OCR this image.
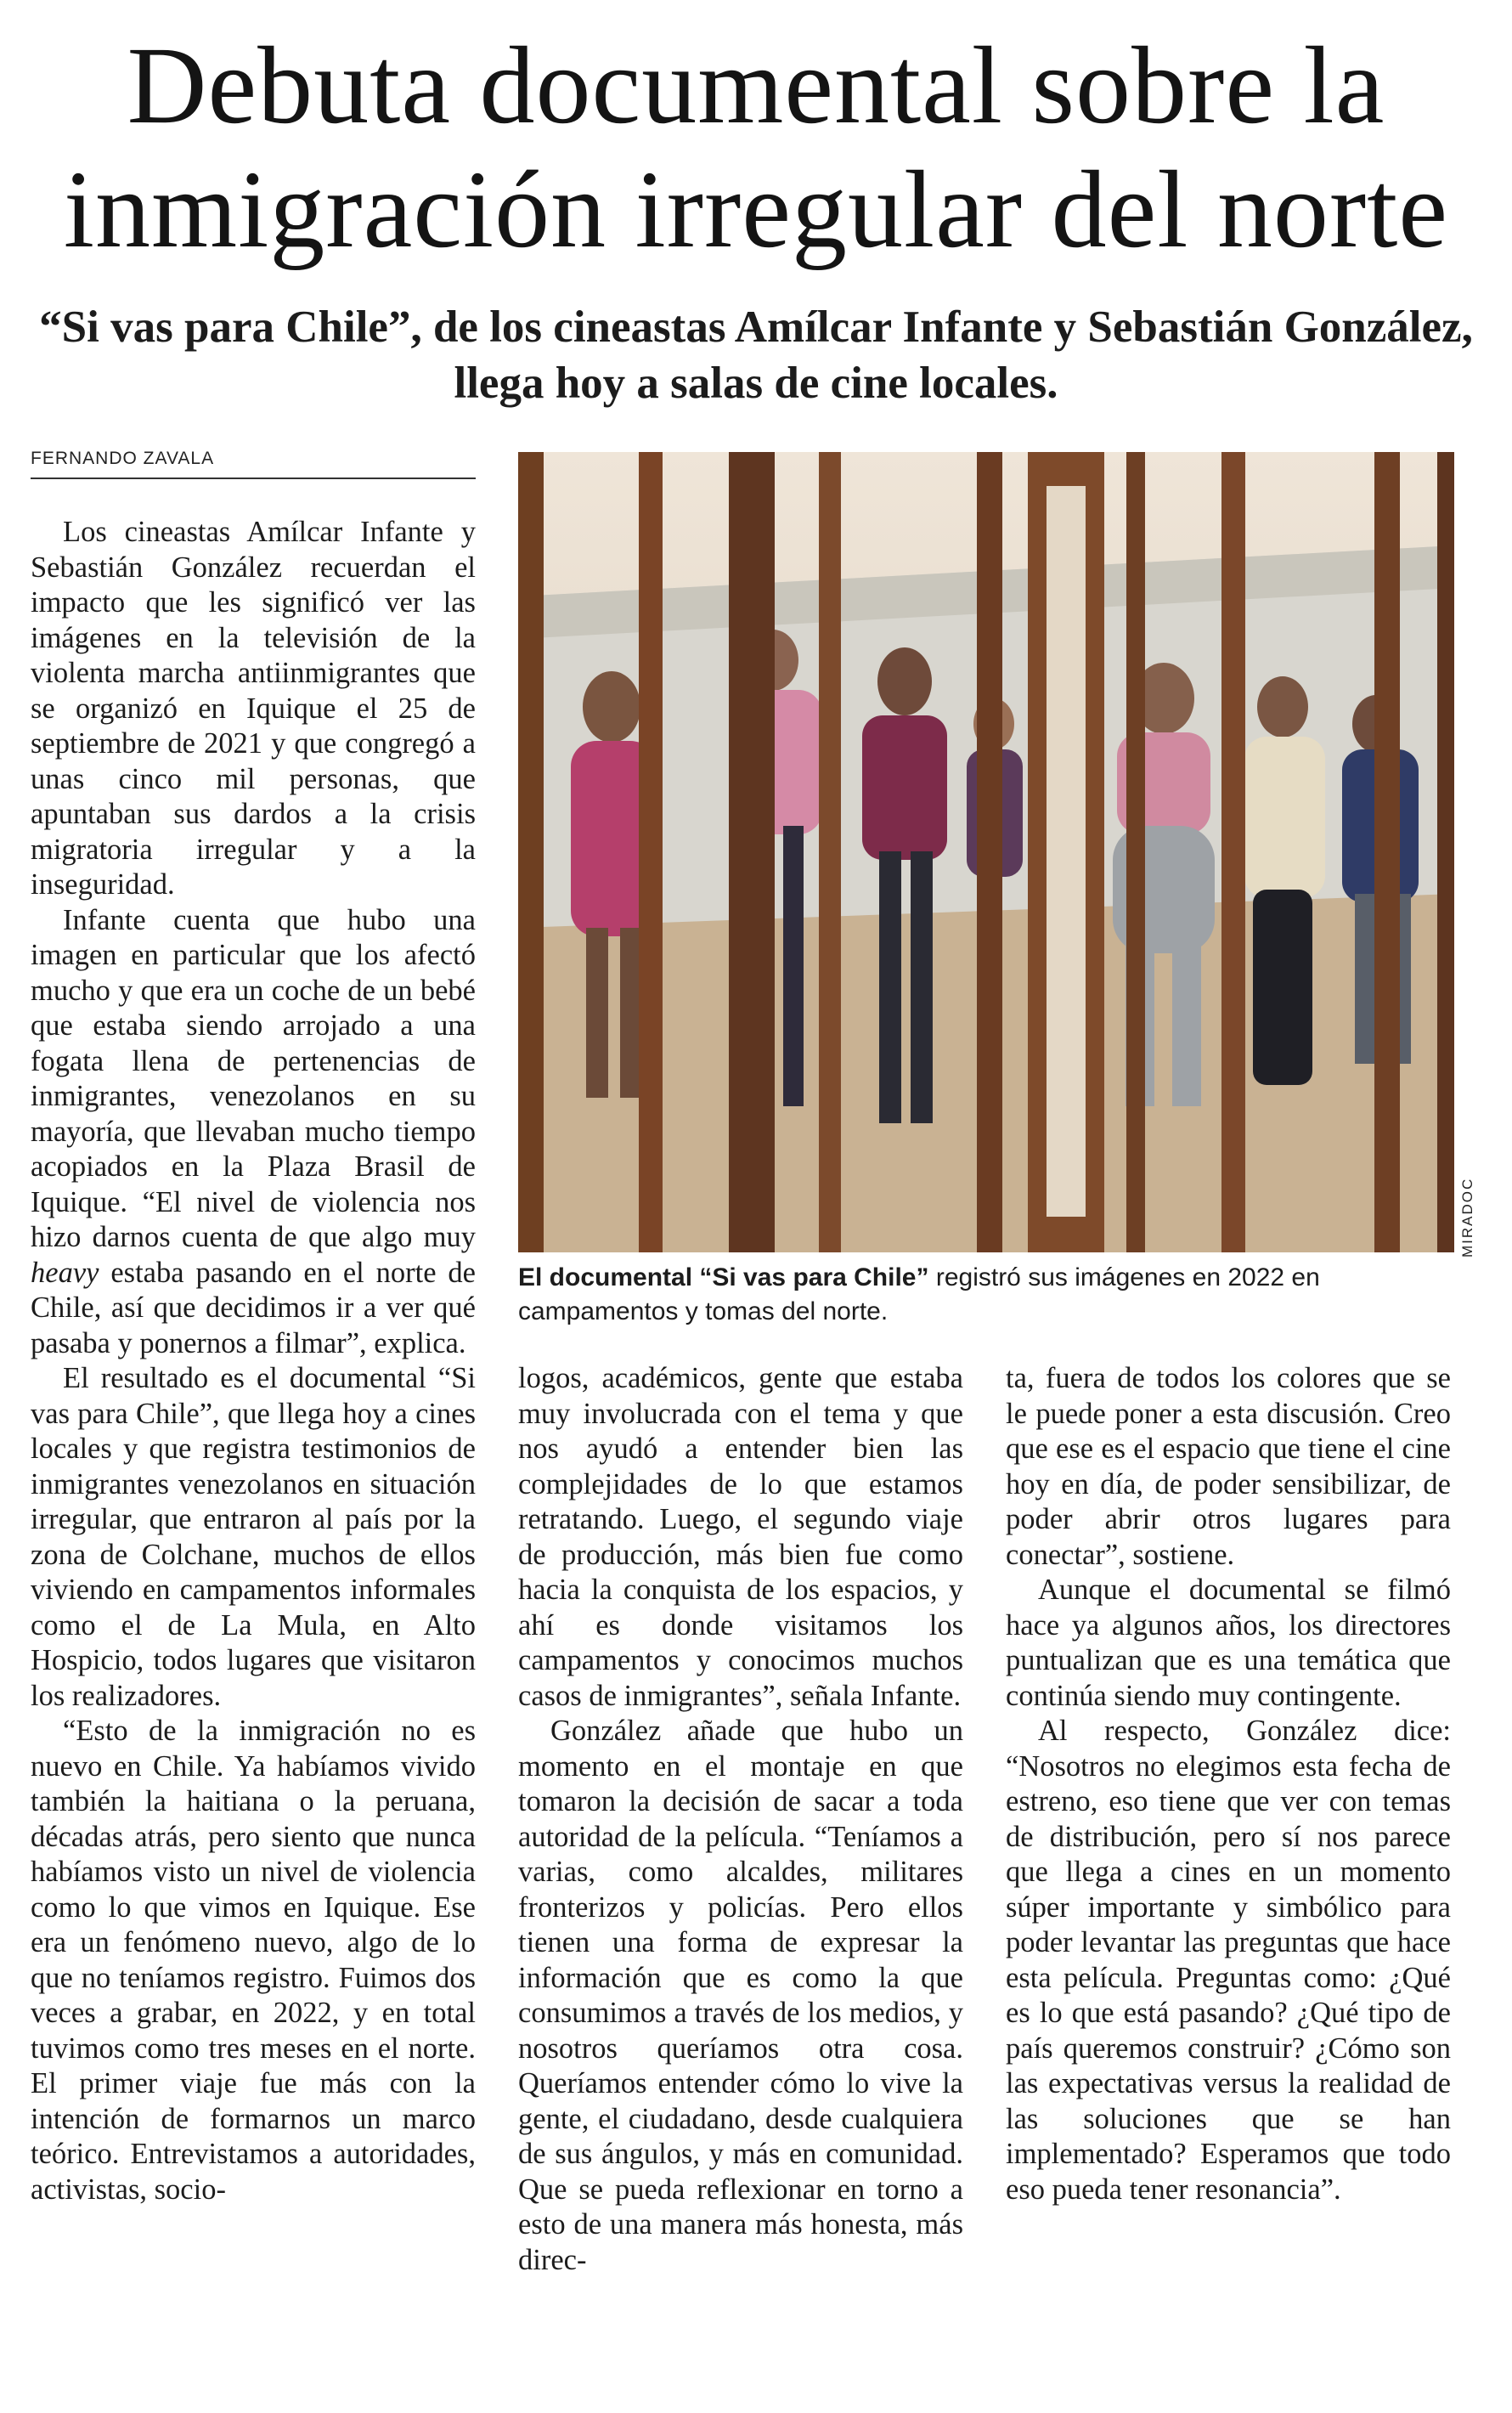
Debuta documental sobre la inmigración irregular del norte
“Si vas para Chile”, de los cineastas Amílcar Infante y Sebastián González, llega hoy a salas de cine locales.
FERNANDO ZAVALA

Los cineastas Amílcar Infante y Sebastián González recuerdan el impacto que les significó ver las imágenes en la televisión de la violenta marcha antiinmigrantes que se organizó en Iquique el 25 de septiembre de 2021 y que congregó a unas cinco mil personas, que apuntaban sus dardos a la crisis migratoria irregular y a la inseguridad.

Infante cuenta que hubo una imagen en particular que los afectó mucho y que era un coche de un bebé que estaba siendo arrojado a una fogata llena de pertenencias de inmigrantes, venezolanos en su mayoría, que llevaban mucho tiempo acopiados en la Plaza Brasil de Iquique. “El nivel de violencia nos hizo darnos cuenta de que algo muy heavy estaba pasando en el norte de Chile, así que decidimos ir a ver qué pasaba y ponernos a filmar”, explica.

El resultado es el documental “Si vas para Chile”, que llega hoy a cines locales y que registra testimonios de inmigrantes venezolanos en situación irregular, que entraron al país por la zona de Colchane, muchos de ellos viviendo en campamentos informales como el de La Mula, en Alto Hospicio, todos lugares que visitaron los realizadores.

“Esto de la inmigración no es nuevo en Chile. Ya habíamos vivido también la haitiana o la peruana, décadas atrás, pero siento que nunca habíamos visto un nivel de violencia como lo que vimos en Iquique. Ese era un fenómeno nuevo, algo de lo que no teníamos registro. Fuimos dos veces a grabar, en 2022, y en total tuvimos como tres meses en el norte. El primer viaje fue más con la intención de formarnos un marco teórico. Entrevistamos a autoridades, activistas, socio-

logos, académicos, gente que estaba muy involucrada con el tema y que nos ayudó a entender bien las complejidades de lo que estamos retratando. Luego, el segundo viaje de producción, más bien fue como hacia la conquista de los espacios, y ahí es donde visitamos los campamentos y conocimos muchos casos de inmigrantes”, señala Infante.

González añade que hubo un momento en el montaje en que tomaron la decisión de sacar a toda autoridad de la película. “Teníamos a varias, como alcaldes, militares fronterizos y policías. Pero ellos tienen una forma de expresar la información que es como la que consumimos a través de los medios, y nosotros queríamos otra cosa. Queríamos entender cómo lo vive la gente, el ciudadano, desde cualquiera de sus ángulos, y más en comunidad. Que se pueda reflexionar en torno a esto de una manera más honesta, más direc-

ta, fuera de todos los colores que se le puede poner a esta discusión. Creo que ese es el espacio que tiene el cine hoy en día, de poder sensibilizar, de poder abrir otros lugares para conectar”, sostiene.

Aunque el documental se filmó hace ya algunos años, los directores puntualizan que es una temática que continúa siendo muy contingente.

Al respecto, González dice: “Nosotros no elegimos esta fecha de estreno, eso tiene que ver con temas de distribución, pero sí nos parece que llega a cines en un momento súper importante y simbólico para poder levantar las preguntas que hace esta película. Preguntas como: ¿Qué es lo que está pasando? ¿Qué tipo de país queremos construir? ¿Cómo son las expectativas versus la realidad de las soluciones que se han implementado? Esperamos que todo eso pueda tener resonancia”.

MIRADOC
El documental “Si vas para Chile” registró sus imágenes en 2022 en campamentos y tomas del norte.
